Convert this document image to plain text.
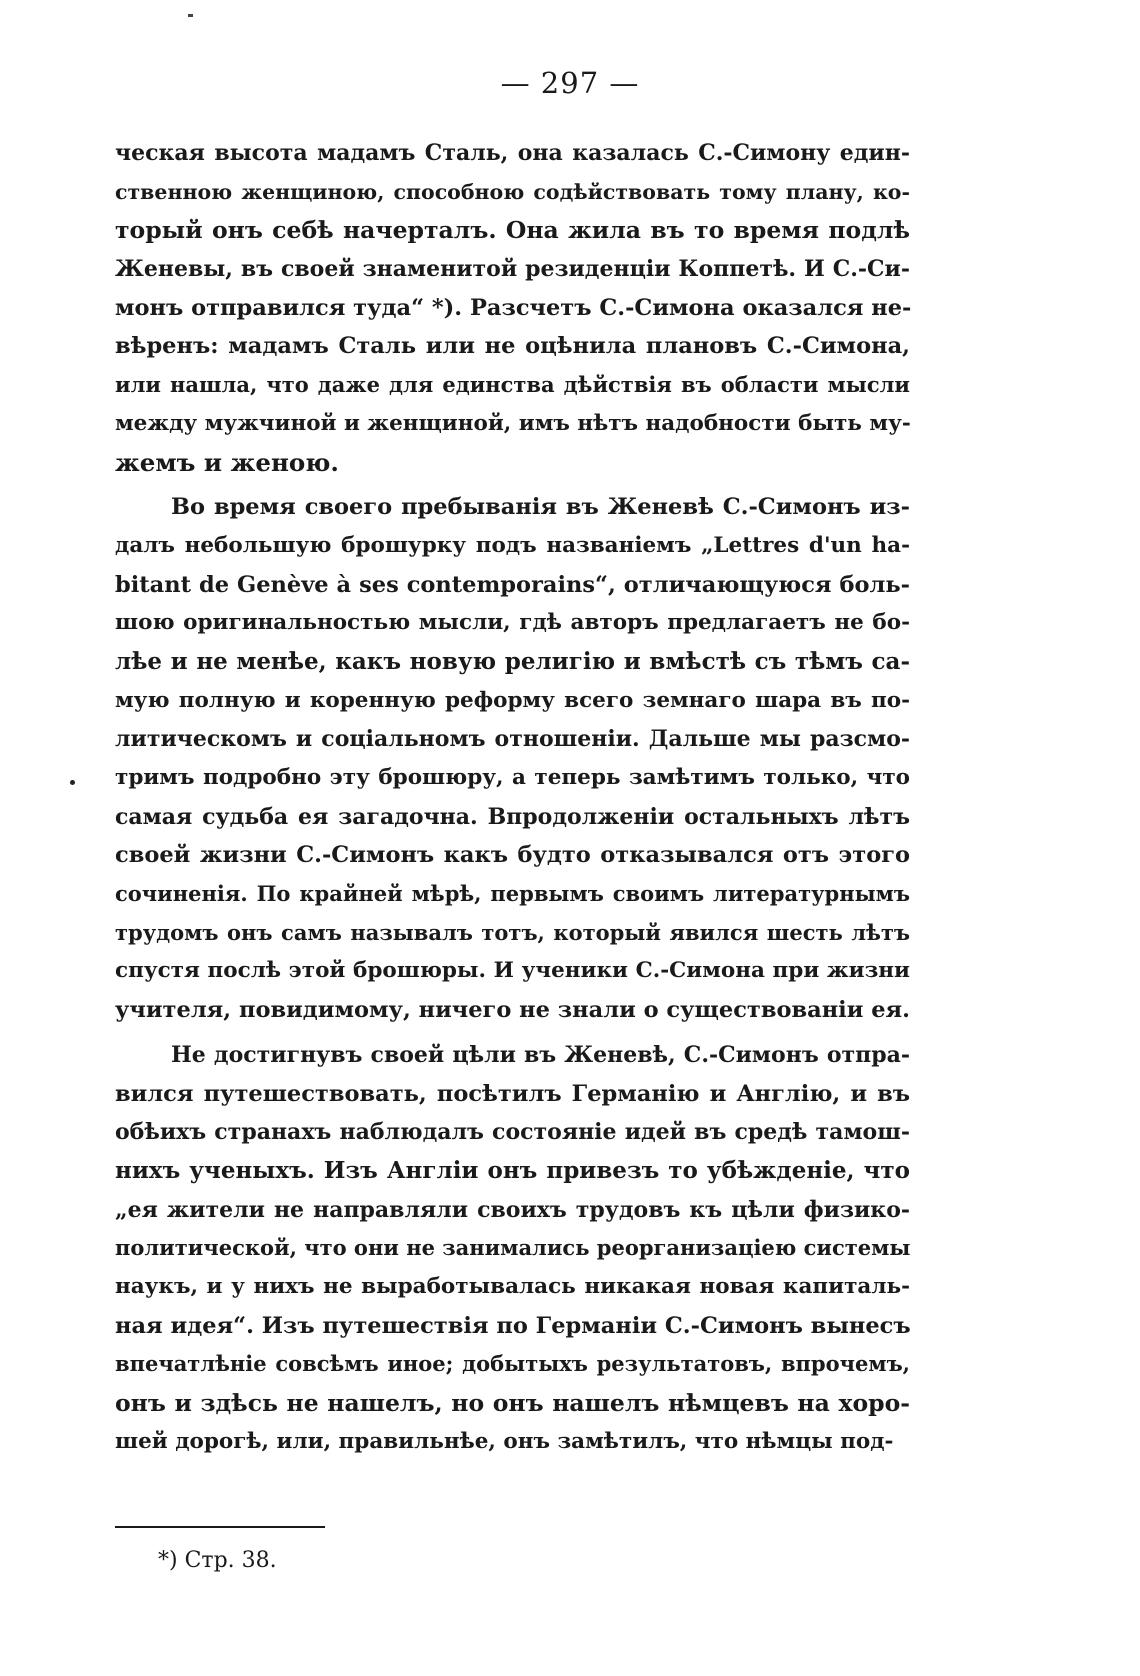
— 297 —

ческая высота мадамъ Сталь, она казалась С.-Симону един-
ственною женщиною, способною содѣйствовать тому плану, ко-
торый онъ себѣ начерталъ. Она жила въ то время подлѣ
Женевы, въ своей знаменитой резиденціи Коппетѣ. И С.-Си-
монъ отправился туда“ *). Разсчетъ С.-Симона оказался не-
вѣренъ: мадамъ Сталь или не оцѣнила плановъ С.-Симона,
или нашла, что даже для единства дѣйствія въ области мысли
между мужчиной и женщиной, имъ нѣтъ надобности быть му-
жемъ и женою.
Во время своего пребыванія въ Женевѣ С.-Симонъ из-
далъ небольшую брошурку подъ названіемъ „Lettres d'un ha-
bitant de Genève à ses contemporains“, отличающуюся боль-
шою оригинальностью мысли, гдѣ авторъ предлагаетъ не бо-
лѣе и не менѣе, какъ новую религію и вмѣстѣ съ тѣмъ са-
мую полную и коренную реформу всего земнаго шара въ по-
литическомъ и соціальномъ отношеніи. Дальше мы разсмо-
тримъ подробно эту брошюру, а теперь замѣтимъ только, что
самая судьба ея загадочна. Впродолженіи остальныхъ лѣтъ
своей жизни С.-Симонъ какъ будто отказывался отъ этого
сочиненія. По крайней мѣрѣ, первымъ своимъ литературнымъ
трудомъ онъ самъ называлъ тотъ, который явился шесть лѣтъ
спустя послѣ этой брошюры. И ученики С.-Симона при жизни
учителя, повидимому, ничего не знали о существованіи ея.
Не достигнувъ своей цѣли въ Женевѣ, С.-Симонъ отпра-
вился путешествовать, посѣтилъ Германію и Англію, и въ
обѣихъ странахъ наблюдалъ состояніе идей въ средѣ тамош-
нихъ ученыхъ. Изъ Англіи онъ привезъ то убѣжденіе, что
„ея жители не направляли своихъ трудовъ къ цѣли физико-
политической, что они не занимались реорганизаціею системы
наукъ, и у нихъ не выработывалась никакая новая капиталь-
ная идея“. Изъ путешествія по Германіи С.-Симонъ вынесъ
впечатлѣніе совсѣмъ иное; добытыхъ результатовъ, впрочемъ,
онъ и здѣсь не нашелъ, но онъ нашелъ нѣмцевъ на хоро-
шей дорогѣ, или, правильнѣе, онъ замѣтилъ, что нѣмцы под-

*) Стр. 38.
